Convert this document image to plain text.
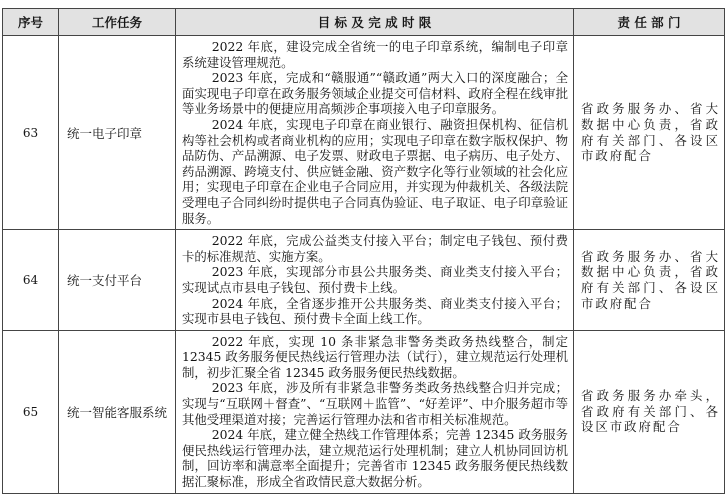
序号	工作任务	目 标 及 完 成 时 限	责 任 部 门
63	统一电子印章	2022 年底，建设完成全省统一的电子印章系统，编制电子印章系统建设管理规范。

2023 年底，完成和“赣服通”“赣政通”两大入口的深度融合；全面实现电子印章在政务服务领域企业提交可信材料、政府全程在线审批等业务场景中的便捷应用高频涉企事项接入电子印章服务。

2024 年底，实现电子印章在商业银行、融资担保机构、征信机构等社会机构或者商业机构的应用；实现电子印章在数字版权保护、物品防伪、产品溯源、电子发票、财政电子票据、电子病历、电子处方、药品溯源、跨境支付、供应链金融、资产数字化等行业领域的社会化应用；实现电子印章在企业电子合同应用，并实现为仲裁机关、各级法院受理电子合同纠纷时提供电子合同真伪验证、电子取证、电子印章验证服务。	省政务服务办、省大数据中心负责，省政府有关部门、各设区市政府配合
64	统一支付平台	2022 年底，完成公益类支付接入平台；制定电子钱包、预付费卡的标准规范、实施方案。

2023 年底，实现部分市县公共服务类、商业类支付接入平台；实现试点市县电子钱包、预付费卡上线。

2024 年底，全省逐步推开公共服务类、商业类支付接入平台；实现市县电子钱包、预付费卡全面上线工作。	省政务服务办、省大数据中心负责，省政府有关部门、各设区市政府配合
65	统一智能客服系统	2022 年底，实现 10 条非紧急非警务类政务热线整合，制定 12345 政务服务便民热线运行管理办法（试行），建立规范运行处理机制，初步汇聚全省 12345 政务服务便民热线数据。

2023 年底，涉及所有非紧急非警务类政务热线整合归并完成；实现与“互联网＋督查”、“互联网＋监管”、“好差评”、中介服务超市等其他受理渠道对接；完善运行管理办法和省市相关标准规范。

2024 年底，建立健全热线工作管理体系；完善 12345 政务服务便民热线运行管理办法，建立规范运行处理机制；建立人机协同回访机制，回访率和满意率全面提升；完善省市 12345 政务服务便民热线数据汇聚标准，形成全省政情民意大数据分析。	省政务服务办牵头，省政府有关部门、各设区市政府配合
